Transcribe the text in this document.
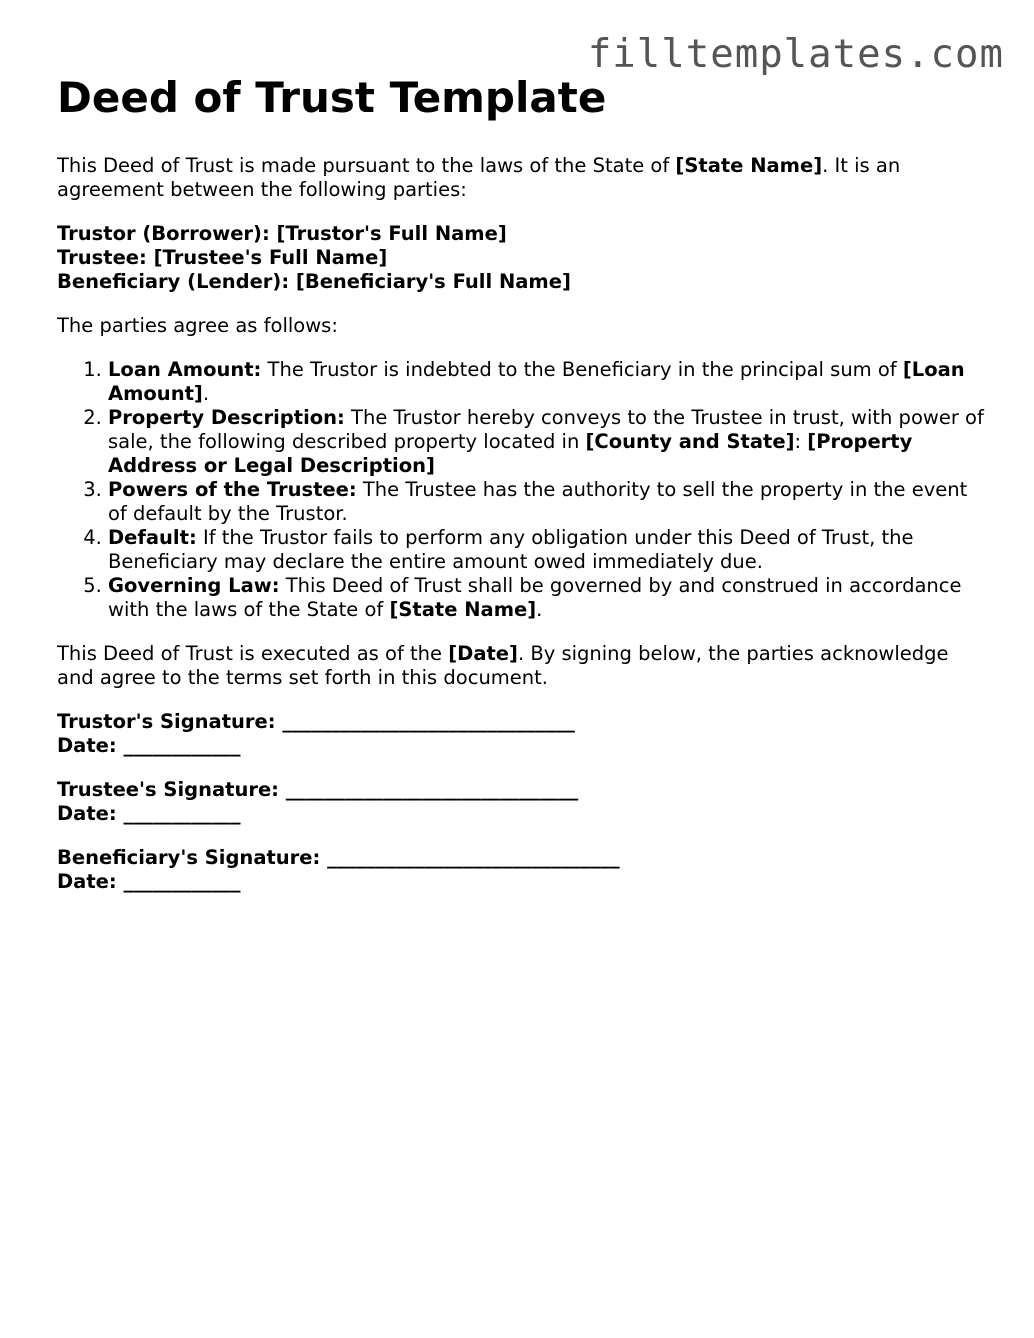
filltemplates.com
Deed of Trust Template

This Deed of Trust is made pursuant to the laws of the State of [State Name]. It is an agreement between the following parties:

Trustor (Borrower): [Trustor's Full Name]
Trustee: [Trustee's Full Name]
Beneficiary (Lender): [Beneficiary's Full Name]

The parties agree as follows:

1. Loan Amount: The Trustor is indebted to the Beneficiary in the principal sum of [Loan Amount].
2. Property Description: The Trustor hereby conveys to the Trustee in trust, with power of sale, the following described property located in [County and State]: [Property Address or Legal Description]
3. Powers of the Trustee: The Trustee has the authority to sell the property in the event of default by the Trustor.
4. Default: If the Trustor fails to perform any obligation under this Deed of Trust, the Beneficiary may declare the entire amount owed immediately due.
5. Governing Law: This Deed of Trust shall be governed by and construed in accordance with the laws of the State of [State Name].

This Deed of Trust is executed as of the [Date]. By signing below, the parties acknowledge and agree to the terms set forth in this document.

Trustor's Signature: ______________________________
Date: ____________
Trustee's Signature: ______________________________
Date: ____________
Beneficiary's Signature: ______________________________
Date: ____________
